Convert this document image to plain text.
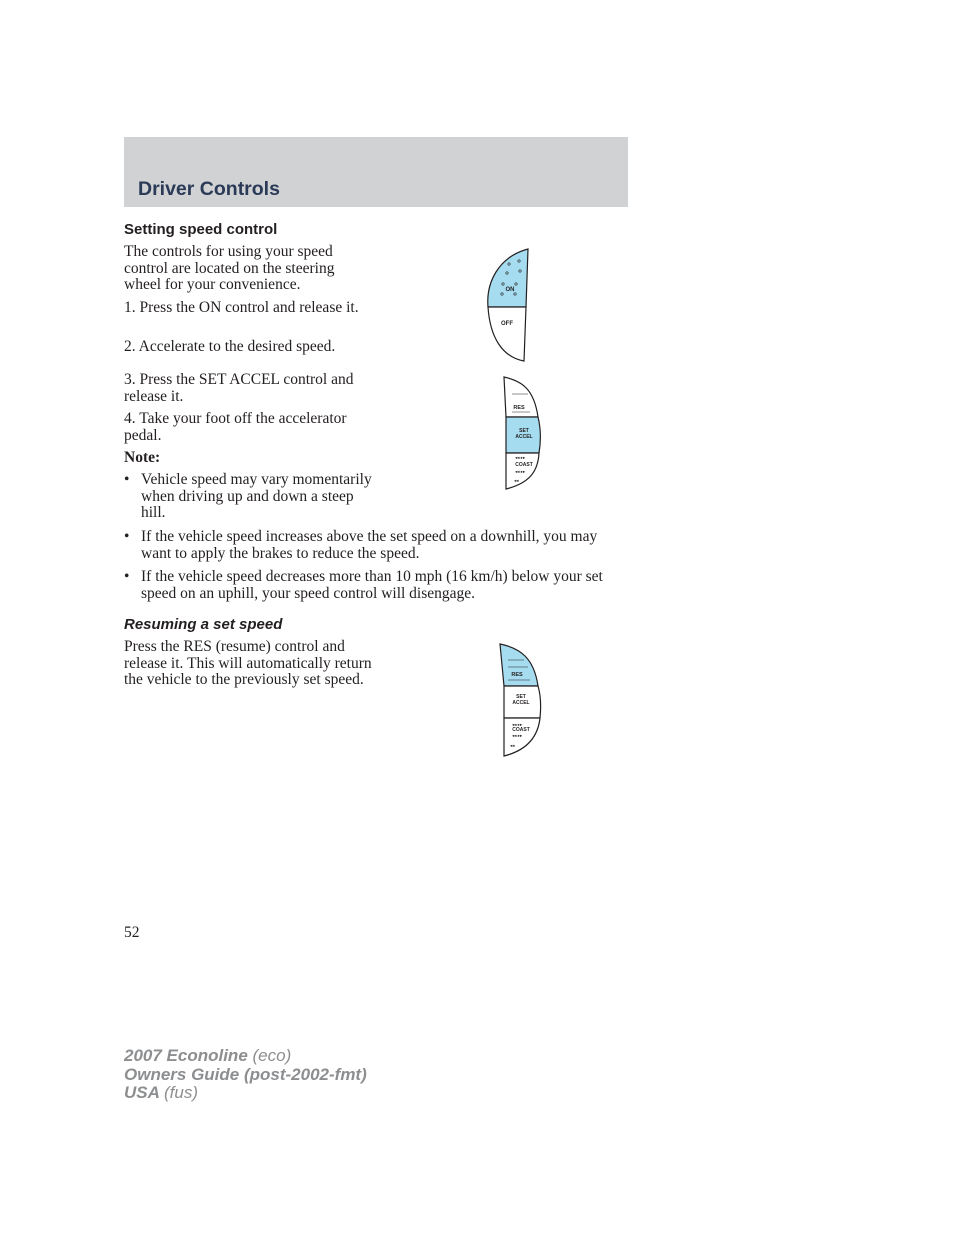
Driver Controls
Setting speed control

The controls for using your speed control are located on the steering wheel for your convenience.

1. Press the ON control and release it.

2. Accelerate to the desired speed.

3. Press the SET ACCEL control and release it.

4. Take your foot off the accelerator pedal.

Note:

• Vehicle speed may vary momentarily when driving up and down a steep hill.
• If the vehicle speed increases above the set speed on a downhill, you may want to apply the brakes to reduce the speed.
• If the vehicle speed decreases more than 10 mph (16 km/h) below your set speed on an uphill, your speed control will disengage.
ON
OFF
RES
SET
ACCEL
◂◂ ▸▸
COAST
◂◂ ▸▸
◂◂
Resuming a set speed

Press the RES (resume) control and release it. This will automatically return the vehicle to the previously set speed.	RES
SET
ACCEL
◂◂ ▸▸
COAST
◂◂ ▸▸
◂◂
52
2007 Econoline (eco)
Owners Guide (post-2002-fmt)
USA (fus)
